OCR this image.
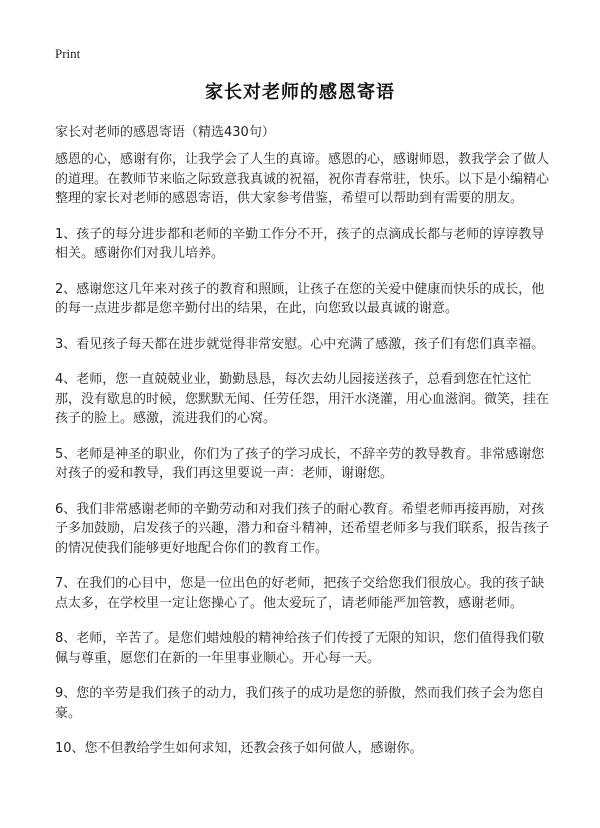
Print
家长对老师的感恩寄语
家长对老师的感恩寄语（精选430句）

感恩的心，感谢有你，让我学会了人生的真谛。感恩的心，感谢师恩，教我学会了做人的道理。在教师节来临之际致意我真诚的祝福，祝你青春常驻，快乐。以下是小编精心整理的家长对老师的感恩寄语，供大家参考借鉴，希望可以帮助到有需要的朋友。

1、孩子的每分进步都和老师的辛勤工作分不开，孩子的点滴成长都与老师的谆谆教导相关。感谢你们对我儿培养。

2、感谢您这几年来对孩子的教育和照顾，让孩子在您的关爱中健康而快乐的成长，他的每一点进步都是您辛勤付出的结果，在此，向您致以最真诚的谢意。

3、看见孩子每天都在进步就觉得非常安慰。心中充满了感激，孩子们有您们真幸福。

4、老师，您一直兢兢业业，勤勤恳恳，每次去幼儿园接送孩子，总看到您在忙这忙那，没有歇息的时候，您默默无闻、任劳任怨，用汗水浇灌，用心血滋润。微笑，挂在孩子的脸上。感激，流进我们的心窝。

5、老师是神圣的职业，你们为了孩子的学习成长，不辞辛劳的教导教育。非常感谢您对孩子的爱和教导，我们再这里要说一声：老师，谢谢您。

6、我们非常感谢老师的辛勤劳动和对我们孩子的耐心教育。希望老师再接再励，对孩子多加鼓励，启发孩子的兴趣，潜力和奋斗精神，还希望老师多与我们联系，报告孩子的情况使我们能够更好地配合你们的教育工作。

7、在我们的心目中，您是一位出色的好老师，把孩子交给您我们很放心。我的孩子缺点太多，在学校里一定让您操心了。他太爱玩了，请老师能严加管教，感谢老师。

8、老师，辛苦了。是您们蜡烛般的精神给孩子们传授了无限的知识，您们值得我们敬佩与尊重，愿您们在新的一年里事业顺心。开心每一天。

9、您的辛劳是我们孩子的动力，我们孩子的成功是您的骄傲，然而我们孩子会为您自豪。

10、您不但教给学生如何求知，还教会孩子如何做人，感谢你。
